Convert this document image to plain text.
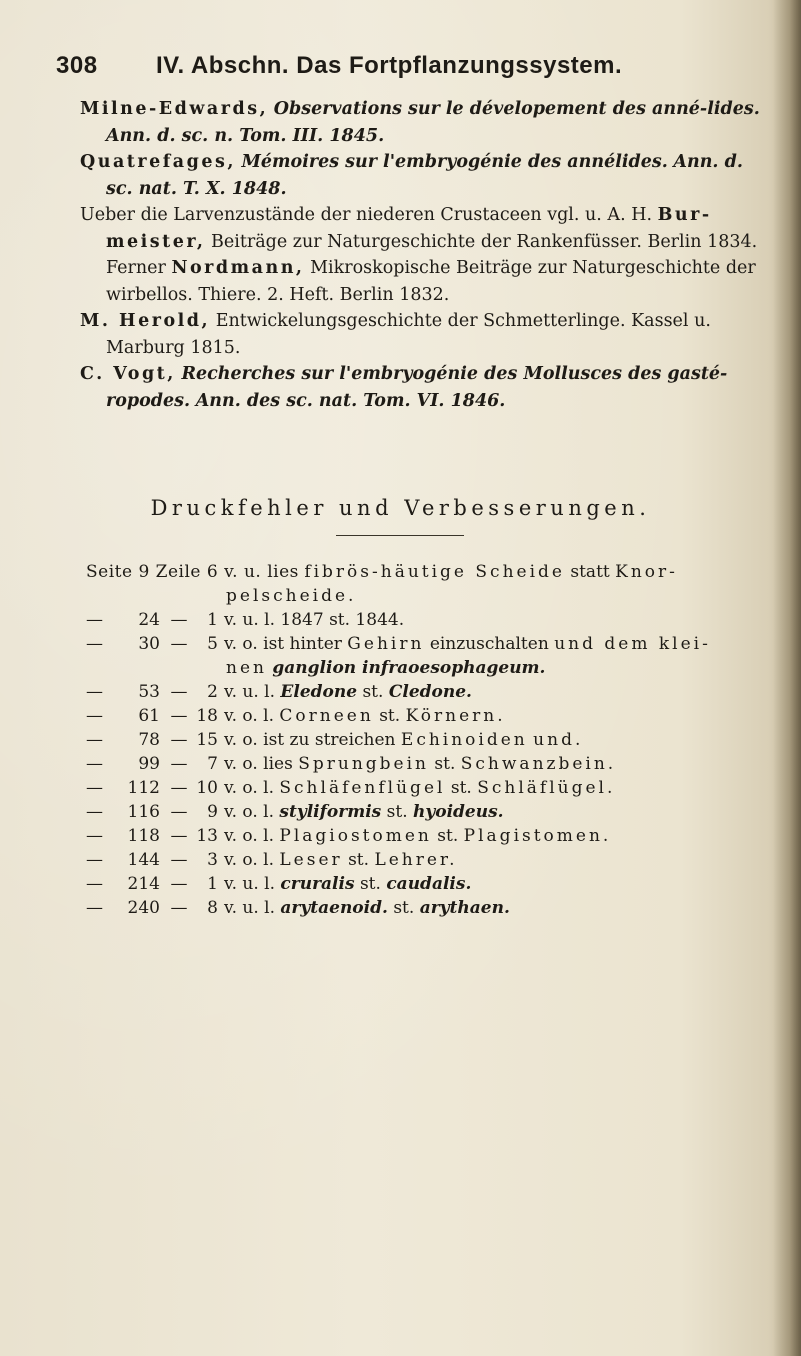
308 IV. Abschn. Das Fortpflanzungssystem.

Milne-Edwards, Observations sur le dévelopement des anné-lides. Ann. d. sc. n. Tom. III. 1845.

Quatrefages, Mémoires sur l'embryogénie des annélides. Ann. d. sc. nat. T. X. 1848.

Ueber die Larvenzustände der niederen Crustaceen vgl. u. A. H. Bur-meister, Beiträge zur Naturgeschichte der Rankenfüsser. Berlin 1834. Ferner Nordmann, Mikroskopische Beiträge zur Naturgeschichte der wirbellos. Thiere. 2. Heft. Berlin 1832.

M. Herold, Entwickelungsgeschichte der Schmetterlinge. Kassel u. Marburg 1815.

C. Vogt, Recherches sur l'embryogénie des Mollusces des gasté-ropodes. Ann. des sc. nat. Tom. VI. 1846.

Druckfehler und Verbesserungen.
Seite 9 Zeile 6 v. u. lies fibrös-häutige Scheide statt Knor-
pelscheide.
— 24 — 1 v. u. l. 1847 st. 1844.
— 30 — 5 v. o. ist hinter Gehirn einzuschalten und dem klei-
nen ganglion infraoesophageum.
— 53 — 2 v. u. l. Eledone st. Cledone.
— 61 — 18 v. o. l. Corneen st. Körnern.
— 78 — 15 v. o. ist zu streichen Echinoiden und.
— 99 — 7 v. o. lies Sprungbein st. Schwanzbein.
— 112 — 10 v. o. l. Schläfenflügel st. Schläflügel.
— 116 — 9 v. o. l. styliformis st. hyoideus.
— 118 — 13 v. o. l. Plagiostomen st. Plagistomen.
— 144 — 3 v. o. l. Leser st. Lehrer.
— 214 — 1 v. u. l. cruralis st. caudalis.
— 240 — 8 v. u. l. arytaenoid. st. arythaen.
